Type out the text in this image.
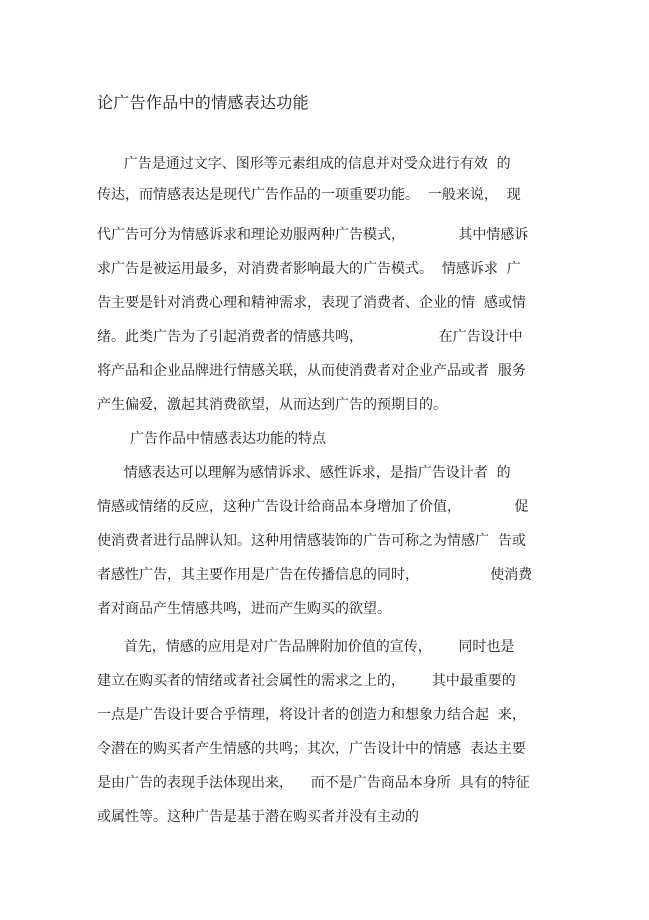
论广告作品中的情感表达功能
广告是通过文字、图形等元素组成的信息并对受众进行有效  的
传达，而情感表达是现代广告作品的一项重要功能。  一般来说，  现
代广告可分为情感诉求和理论劝服两种广告模式，            其中情感诉
求广告是被运用最多，对消费者影响最大的广告模式。  情感诉求  广
告主要是针对消费心理和精神需求，表现了消费者、企业的情  感或情
绪。此类广告为了引起消费者的情感共鸣，                 在广告设计中
将产品和企业品牌进行情感关联，从而使消费者对企业产品或者  服务
产生偏爱，激起其消费欲望，从而达到广告的预期目的。
广告作品中情感表达功能的特点
情感表达可以理解为感情诉求、感性诉求，是指广告设计者  的
情感或情绪的反应，这种广告设计给商品本身增加了价值，            促
使消费者进行品牌认知。这种用情感装饰的广告可称之为情感广  告或
者感性广告，其主要作用是广告在传播信息的同时，                使消费
者对商品产生情感共鸣，进而产生购买的欲望。
首先，情感的应用是对广告品牌附加价值的宣传，      同时也是
建立在购买者的情绪或者社会属性的需求之上的，      其中最重要的
一点是广告设计要合乎情理，将设计者的创造力和想象力结合起  来，
令潜在的购买者产生情感的共鸣；其次，广告设计中的情感  表达主要
是由广告的表现手法体现出来，    而不是广告商品本身所  具有的特征
或属性等。这种广告是基于潜在购买者并没有主动的
